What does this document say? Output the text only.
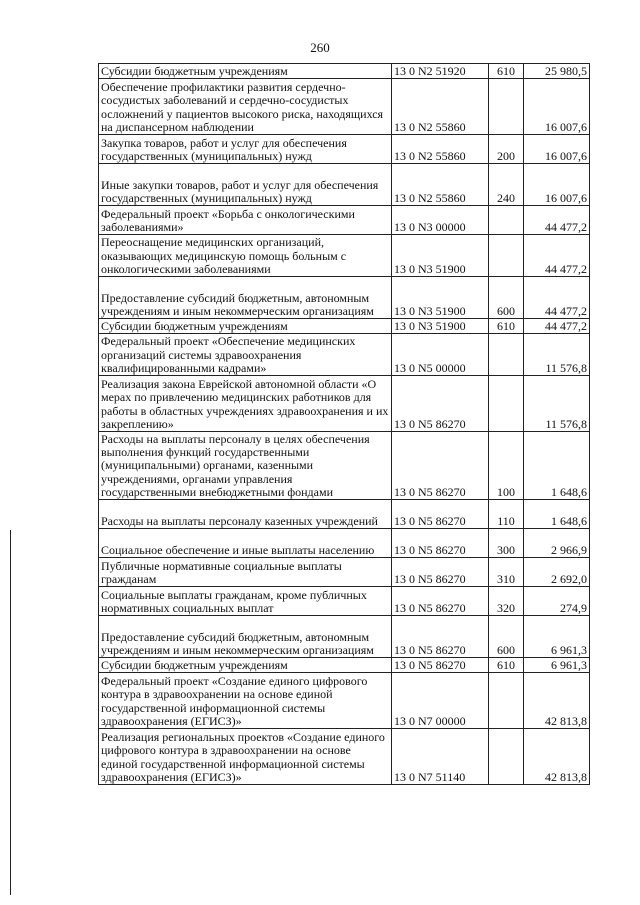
260
Субсидии бюджетным учреждениям	13 0 N2 51920	610	25 980,5
Обеспечение профилактики развития сердечно-сосудистых заболеваний и сердечно-сосудистых осложнений у пациентов высокого риска, находящихся на диспансерном наблюдении	13 0 N2 55860		16 007,6
Закупка товаров, работ и услуг для обеспечения государственных (муниципальных) нужд	13 0 N2 55860	200	16 007,6
Иные закупки товаров, работ и услуг для обеспечения государственных (муниципальных) нужд	13 0 N2 55860	240	16 007,6
Федеральный проект «Борьба с онкологическими заболеваниями»	13 0 N3 00000		44 477,2
Переоснащение медицинских организаций, оказывающих медицинскую помощь больным с онкологическими заболеваниями	13 0 N3 51900		44 477,2
Предоставление субсидий бюджетным, автономным учреждениям и иным некоммерческим организациям	13 0 N3 51900	600	44 477,2
Субсидии бюджетным учреждениям	13 0 N3 51900	610	44 477,2
Федеральный проект «Обеспечение медицинских организаций системы здравоохранения квалифицированными кадрами»	13 0 N5 00000		11 576,8
Реализация закона Еврейской автономной области «О мерах по привлечению медицинских работников для работы в областных учреждениях здравоохранения и их закреплению»	13 0 N5 86270		11 576,8
Расходы на выплаты персоналу в целях обеспечения выполнения функций государственными (муниципальными) органами, казенными учреждениями, органами управления государственными внебюджетными фондами	13 0 N5 86270	100	1 648,6
Расходы на выплаты персоналу казенных учреждений	13 0 N5 86270	110	1 648,6
Социальное обеспечение и иные выплаты населению	13 0 N5 86270	300	2 966,9
Публичные нормативные социальные выплаты гражданам	13 0 N5 86270	310	2 692,0
Социальные выплаты гражданам, кроме публичных нормативных социальных выплат	13 0 N5 86270	320	274,9
Предоставление субсидий бюджетным, автономным учреждениям и иным некоммерческим организациям	13 0 N5 86270	600	6 961,3
Субсидии бюджетным учреждениям	13 0 N5 86270	610	6 961,3
Федеральный проект «Создание единого цифрового контура в здравоохранении на основе единой государственной информационной системы здравоохранения (ЕГИСЗ)»	13 0 N7 00000		42 813,8
Реализация региональных проектов «Создание единого цифрового контура в здравоохранении на основе единой государственной информационной системы здравоохранения (ЕГИСЗ)»	13 0 N7 51140		42 813,8
